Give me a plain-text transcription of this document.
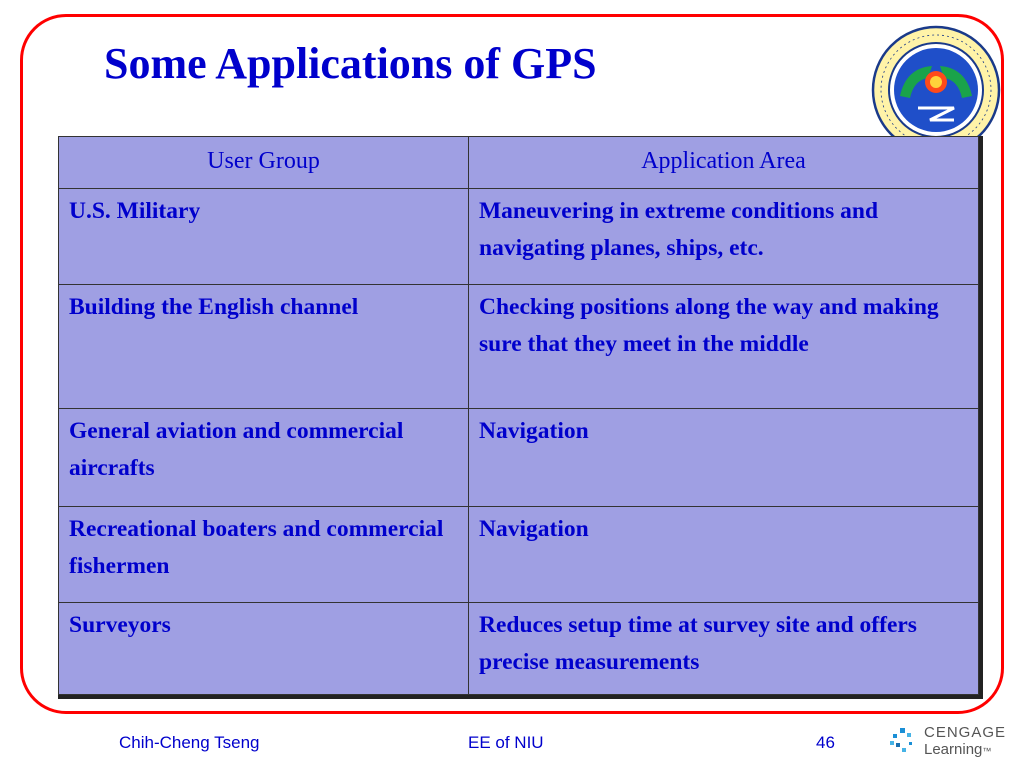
Some Applications of GPS
User Group	Application Area
U.S. Military	Maneuvering in extreme conditions and navigating planes, ships, etc.
Building the English channel	Checking positions along the way and making sure that they meet in the middle
General aviation and commercial aircrafts	Navigation
Recreational boaters and commercial fishermen	Navigation
Surveyors	Reduces setup time at survey site and offers precise measurements
Chih-Cheng Tseng	EE of NIU	46
CENGAGE
Learning™
